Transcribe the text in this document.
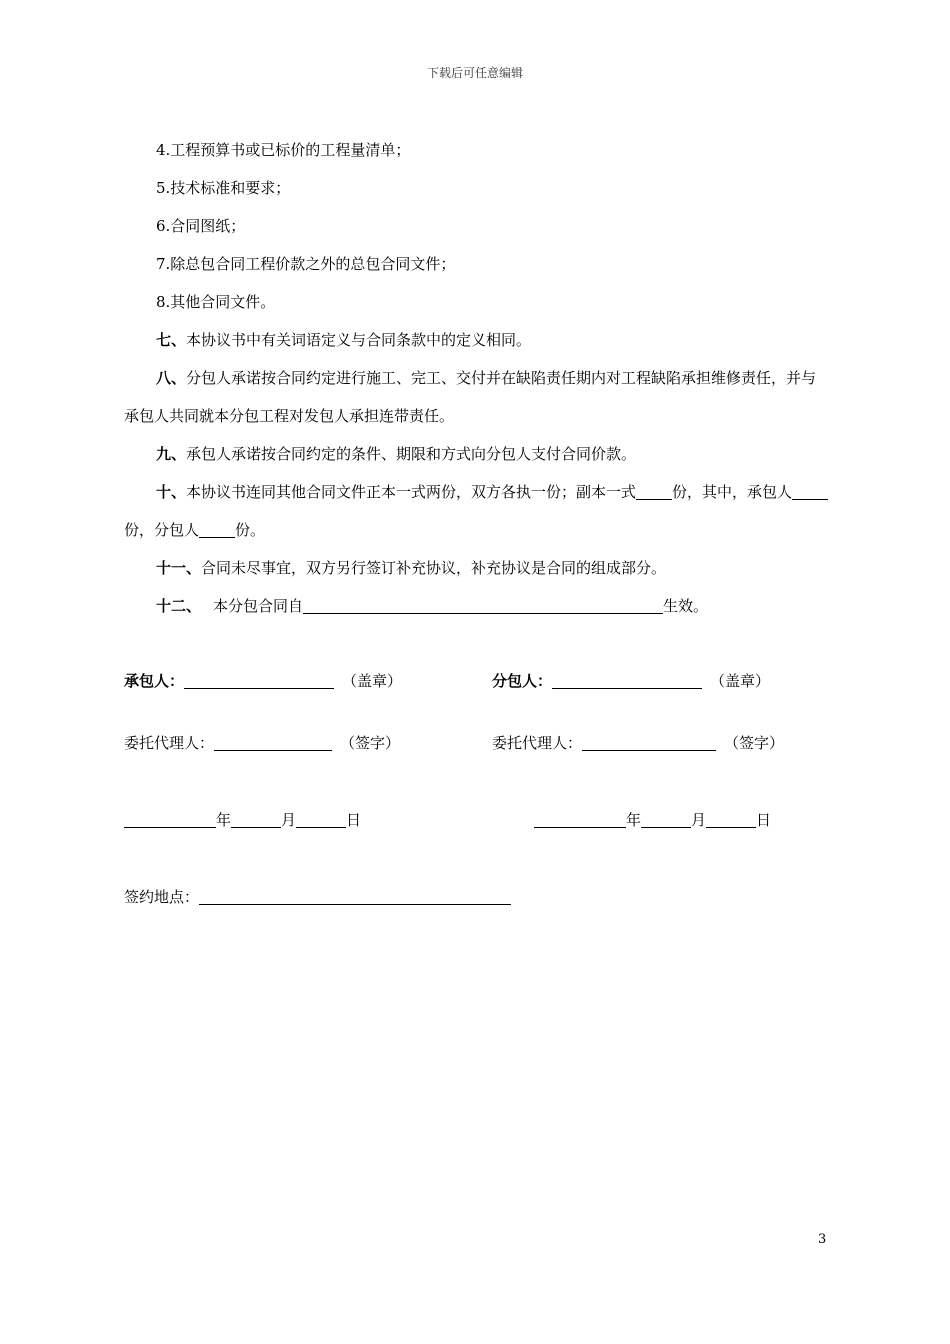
下载后可任意编辑
4.工程预算书或已标价的工程量清单；
5.技术标准和要求；
6.合同图纸；
7.除总包合同工程价款之外的总包合同文件；
8.其他合同文件。
七、本协议书中有关词语定义与合同条款中的定义相同。
八、分包人承诺按合同约定进行施工、完工、交付并在缺陷责任期内对工程缺陷承担维修责任，并与承包人共同就本分包工程对发包人承担连带责任。
九、承包人承诺按合同约定的条件、期限和方式向分包人支付合同价款。
十、本协议书连同其他合同文件正本一式两份，双方各执一份；副本一式 份，其中，承包人份，分包人 份。
十一、合同未尽事宜，双方另行签订补充协议，补充协议是合同的组成部分。
十二、 本分包合同自	生效。
承包人：	（盖章）
委托代理人：	（签字）
年	月	日
分包人：	（盖章）
委托代理人：	（签字）
年	月	日
签约地点：
3
